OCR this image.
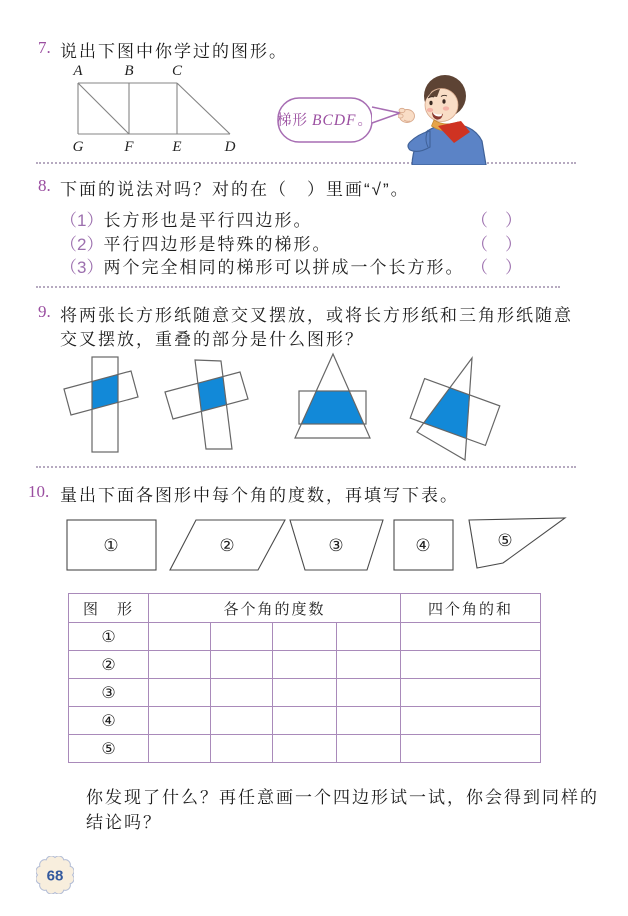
7. 说出下图中你学过的图形。
A	B	C
G	F	E	D
梯形 BCDF。
8. 下面的说法对吗？对的在（　）里画“√”。
（1）长方形也是平行四边形。	（　）
（2）平行四边形是特殊的梯形。	（　）
（3）两个完全相同的梯形可以拼成一个长方形。 （　）
9. 将两张长方形纸随意交叉摆放，或将长方形纸和三角形纸随意
交叉摆放，重叠的部分是什么图形？
10. 量出下面各图形中每个角的度数，再填写下表。
①	②	③	④	⑤
图　形	各个角的度数				四个角的和
①					
②					
③					
④					
⑤					
你发现了什么？再任意画一个四边形试一试，你会得到同样的
结论吗？
68
